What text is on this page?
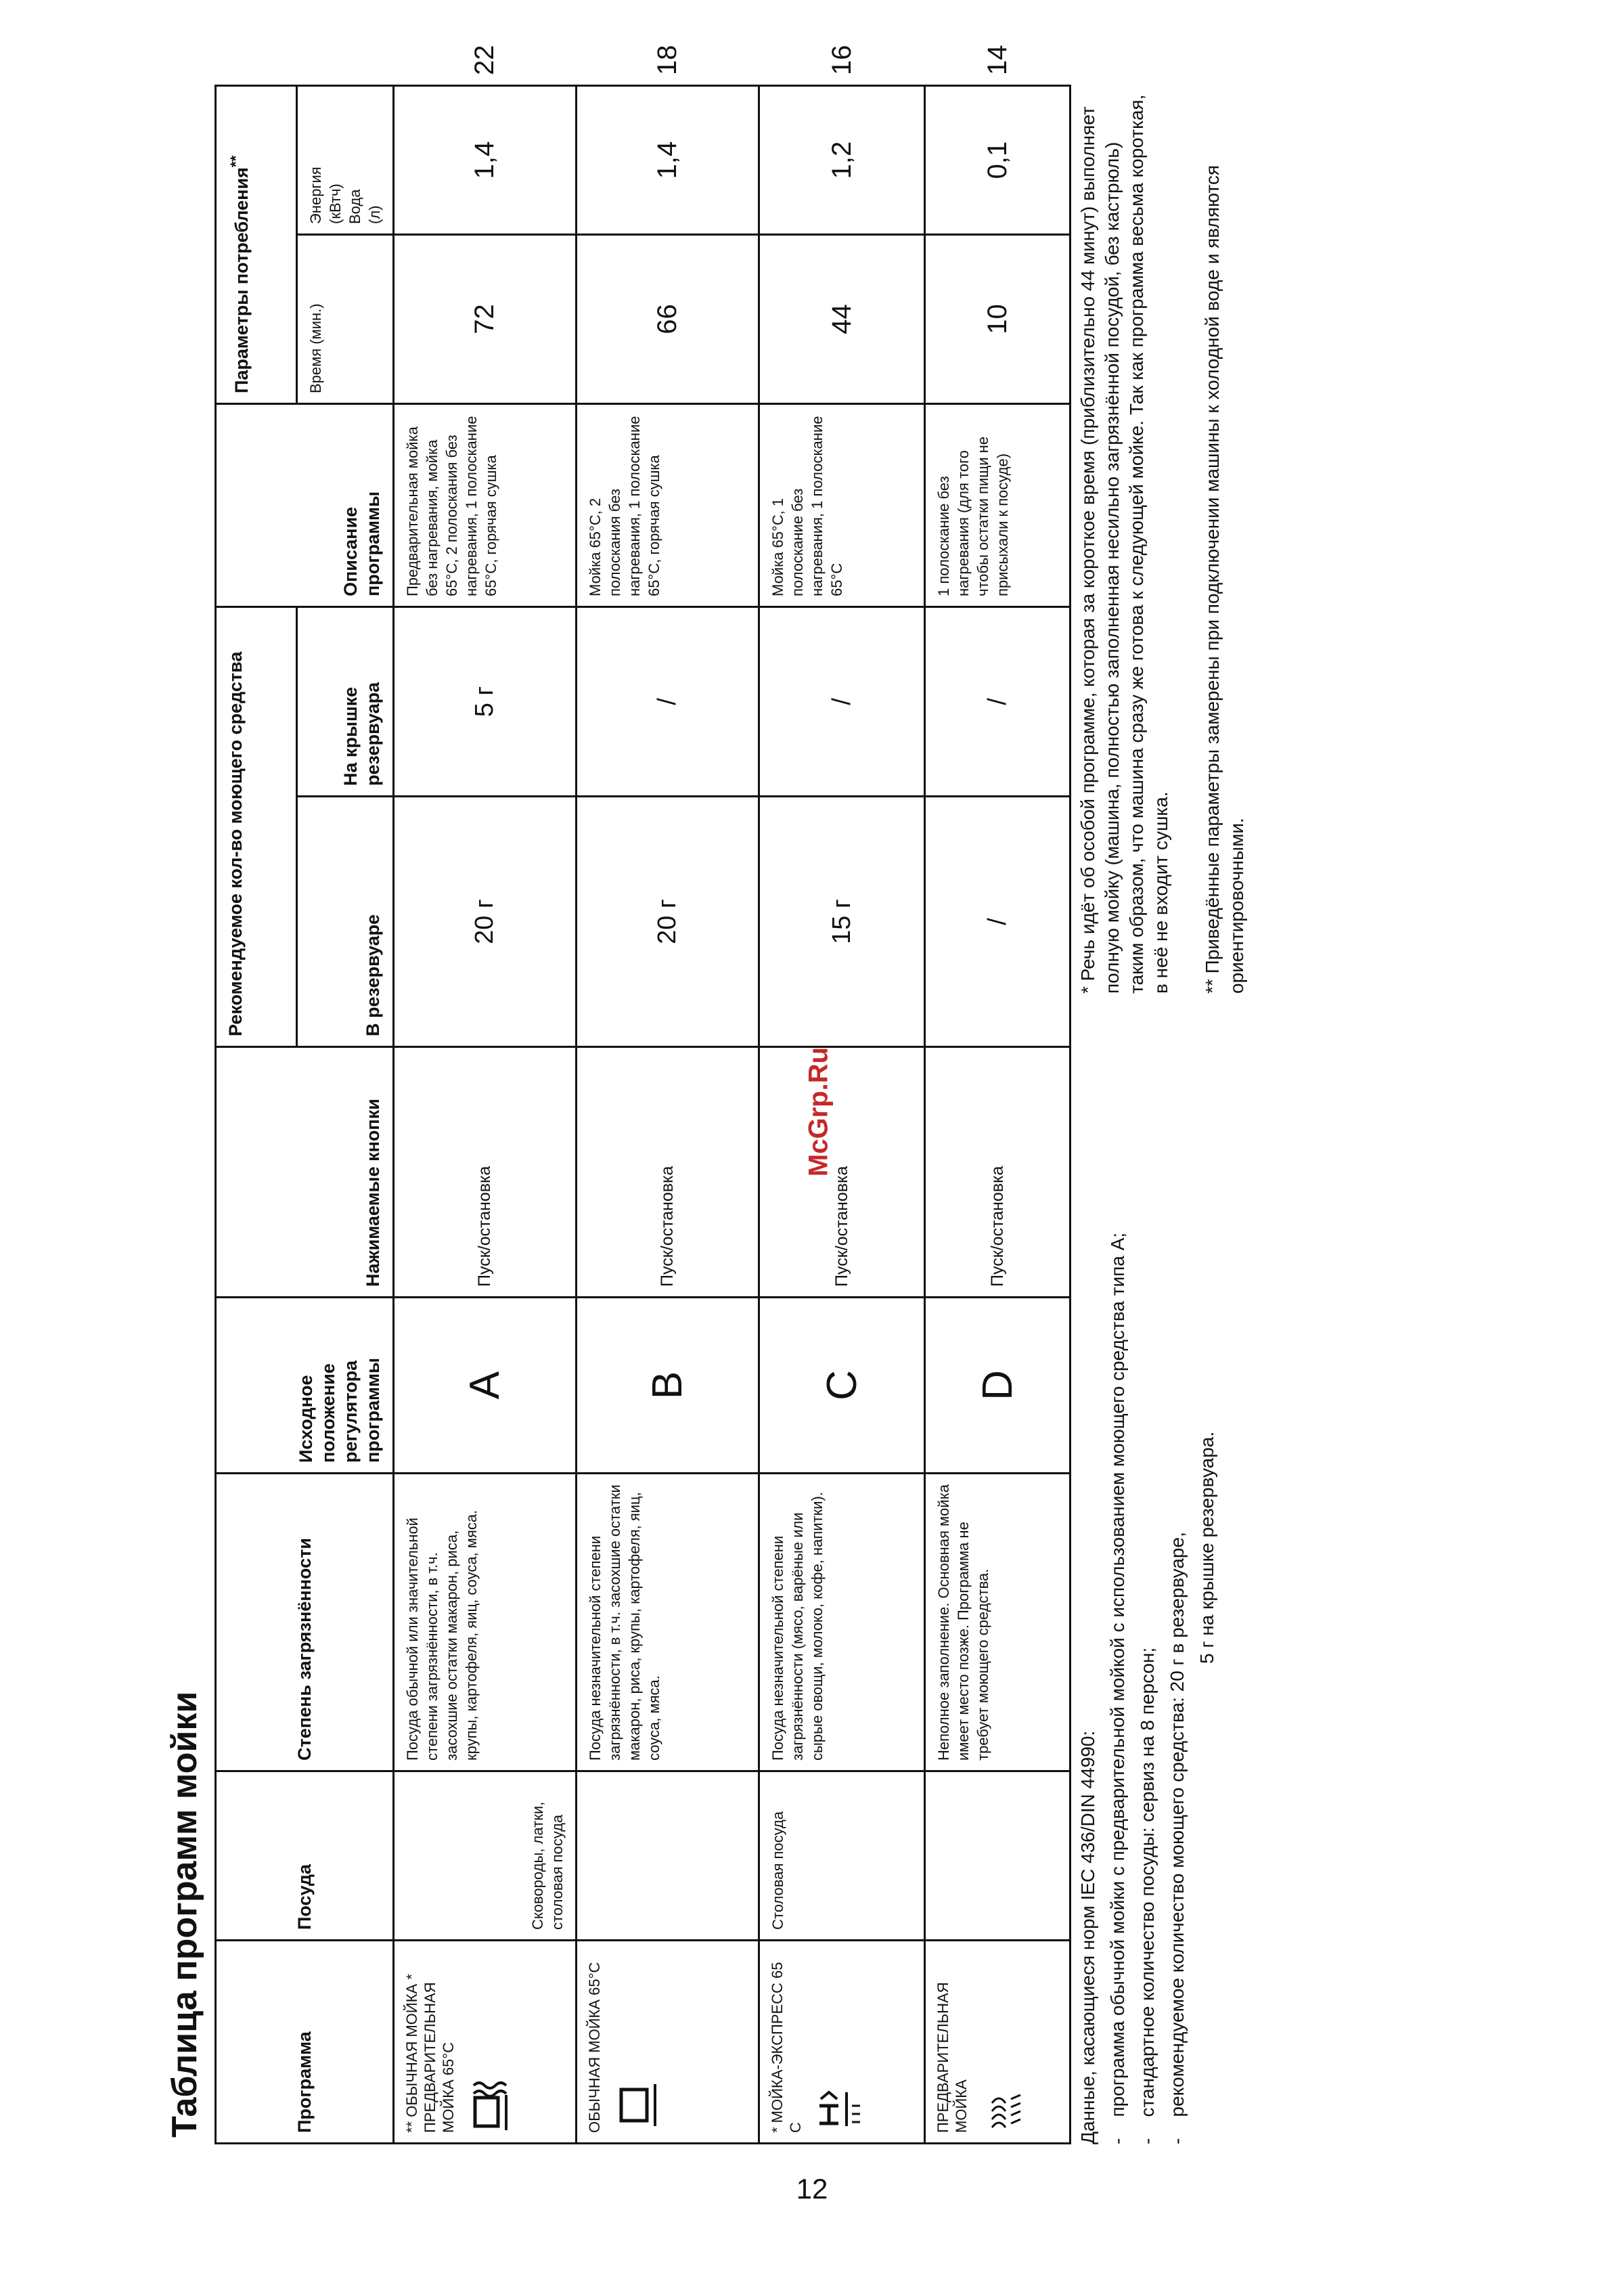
Таблица программ мойки	Программа	Посуда	Степень загрязнённости	Исходное положение регулятора программы	Нажимаемые кнопки	Рекомендуемое кол-во моющего средства		Описание программы	Параметры потребления**
					В резервуаре	На крышке резервуара		Время (мин.)	Энергия (кВтч) Вода (л)	

** ОБЫЧНАЯ МОЙКА * ПРЕДВАРИТЕЛЬНАЯ МОЙКА 65°С	Сковороды, латки, столовая посуда	Посуда обычной или значительной степени загрязнённости, в т.ч. засохшие остатки макарон, риса, крупы, картофеля, яиц, соуса, мяса.	A	Пуск/остановка	20 г	5 г	Предварительная мойка без нагревания, мойка 65°С, 2 полоскания без нагревания, 1 полоскание 65°С, горячая сушка	72	1,4	22

ОБЫЧНАЯ МОЙКА 65°С		Посуда незначительной степени загрязнённости, в т.ч. засохшие остатки макарон, риса, крупы, картофеля, яиц, соуса, мяса.	B	Пуск/остановка	20 г	/	Мойка 65°С, 2 полоскания без нагревания, 1 полоскание 65°С, горячая сушка	66	1,4	18

* МОЙКА-ЭКСПРЕСС 65 С	Столовая посуда	Посуда незначительной степени загрязнённости (мясо, варёные или сырые овощи, молоко, кофе, напитки).	C	Пуск/остановка	15 г	/	Мойка 65°С, 1 полоскание без нагревания, 1 полоскание 65°С	44	1,2	16

ПРЕДВАРИТЕЛЬНАЯ МОЙКА		Неполное заполнение. Основная мойка имеет место позже. Программа не требует моющего средства.	D	Пуск/остановка	/	/	1 полоскание без нагревания (для того чтобы остатки пищи не присыхали к посуде)	10	0,1	14

Данные, касающиеся норм IEC 436/DIN 44990: -    программа обычной мойки с предварительной мойкой с использованием моющего средства типа А;

-    стандартное количество посуды: сервиз на 8 персон;

-    рекомендуемое количество моющего средства: 20 г в резервуаре, 5 г на крышке резервуара.

* Речь идёт об особой программе, которая за короткое время (приблизительно 44 минут) выполняет полную мойку (машина, полностью заполненная несильно загрязнённой посудой, без кастрюль) таким образом, что машина сразу же готова к следующей мойке. Так как программа весьма короткая, в неё не входит сушка. ** Приведённые параметры замерены при подключении машины к холодной воде и являются ориентировочными.

McGrp.Ru
12
